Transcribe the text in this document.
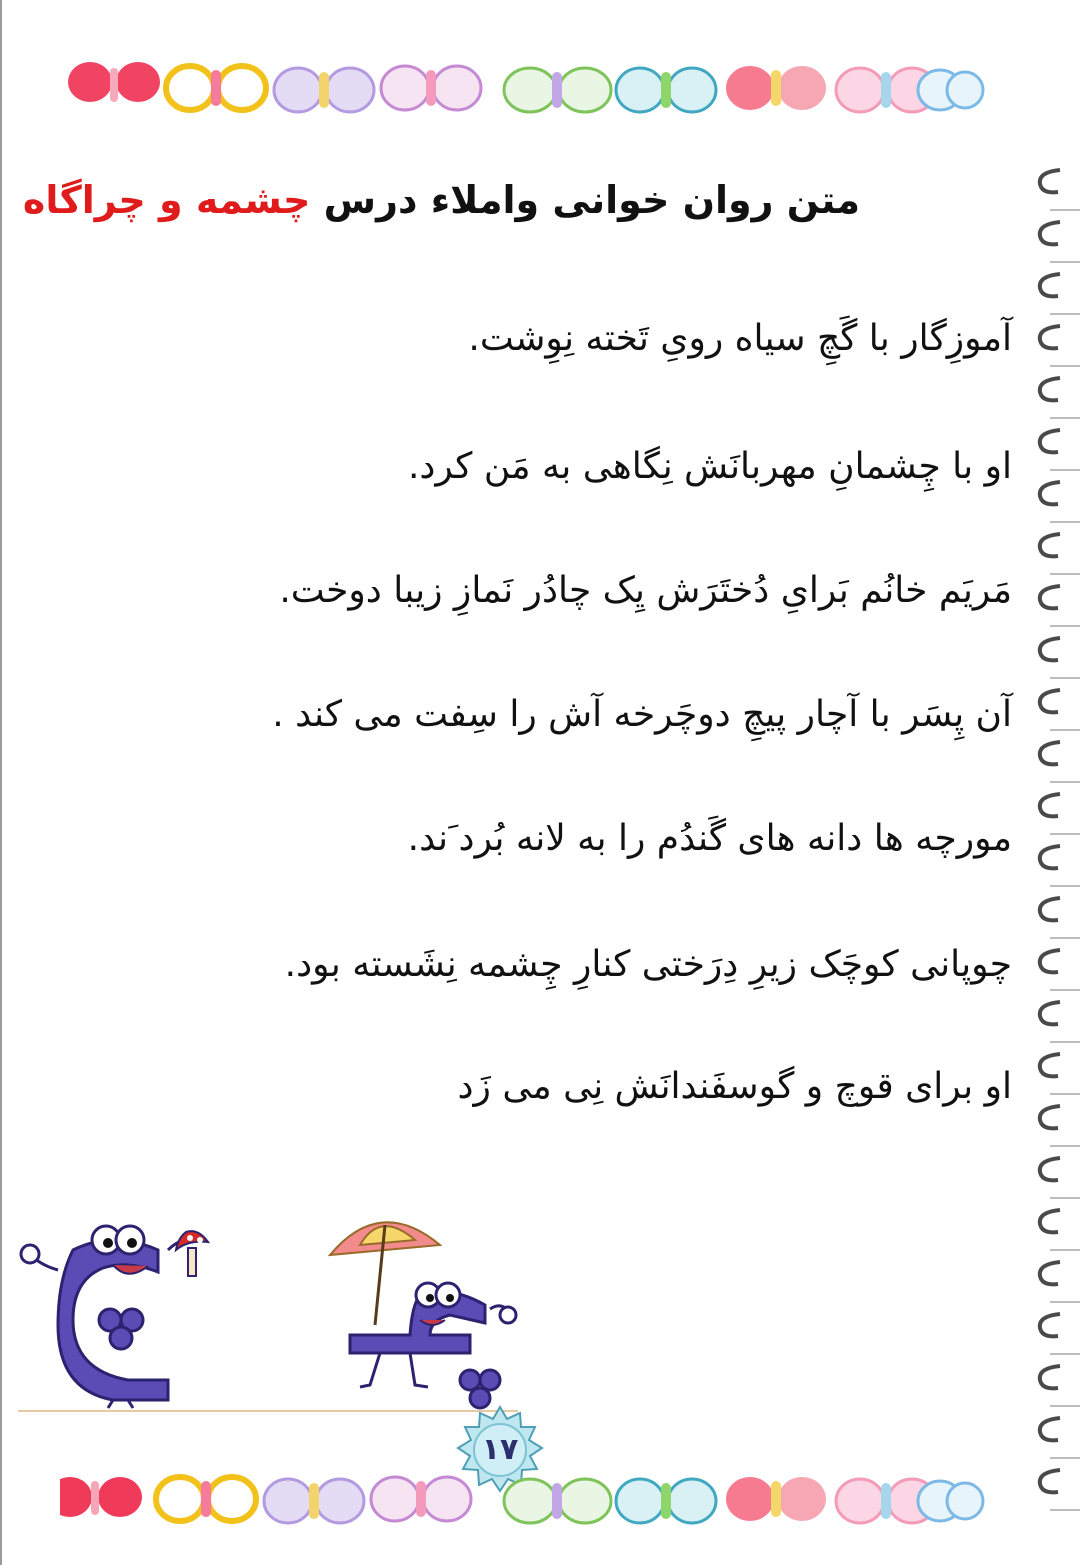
متن روان خوانی واملاء درس چشمه و چراگاه
آموزِگار با گَچِ سیاه رویِ تَخته نِوِشت.
او با چِشمانِ مهربانَش نِگاهی به مَن کرد.
مَریَم خانُم بَرایِ دُختَرَش یِک چادُر نَمازِ زیبا دوخت.
آن پِسَر با آچار پیچِ دوچَرخه آش را سِفت می کند .
مورچه ها دانه های گَندُم را به لانه بُرد َند.
چوپانی کوچَک زیرِ دِرَختی کنارِ چِشمه نِشَسته بود.
او برای قوچ و گوسفَندانَش نِی می زَد
۱۷
